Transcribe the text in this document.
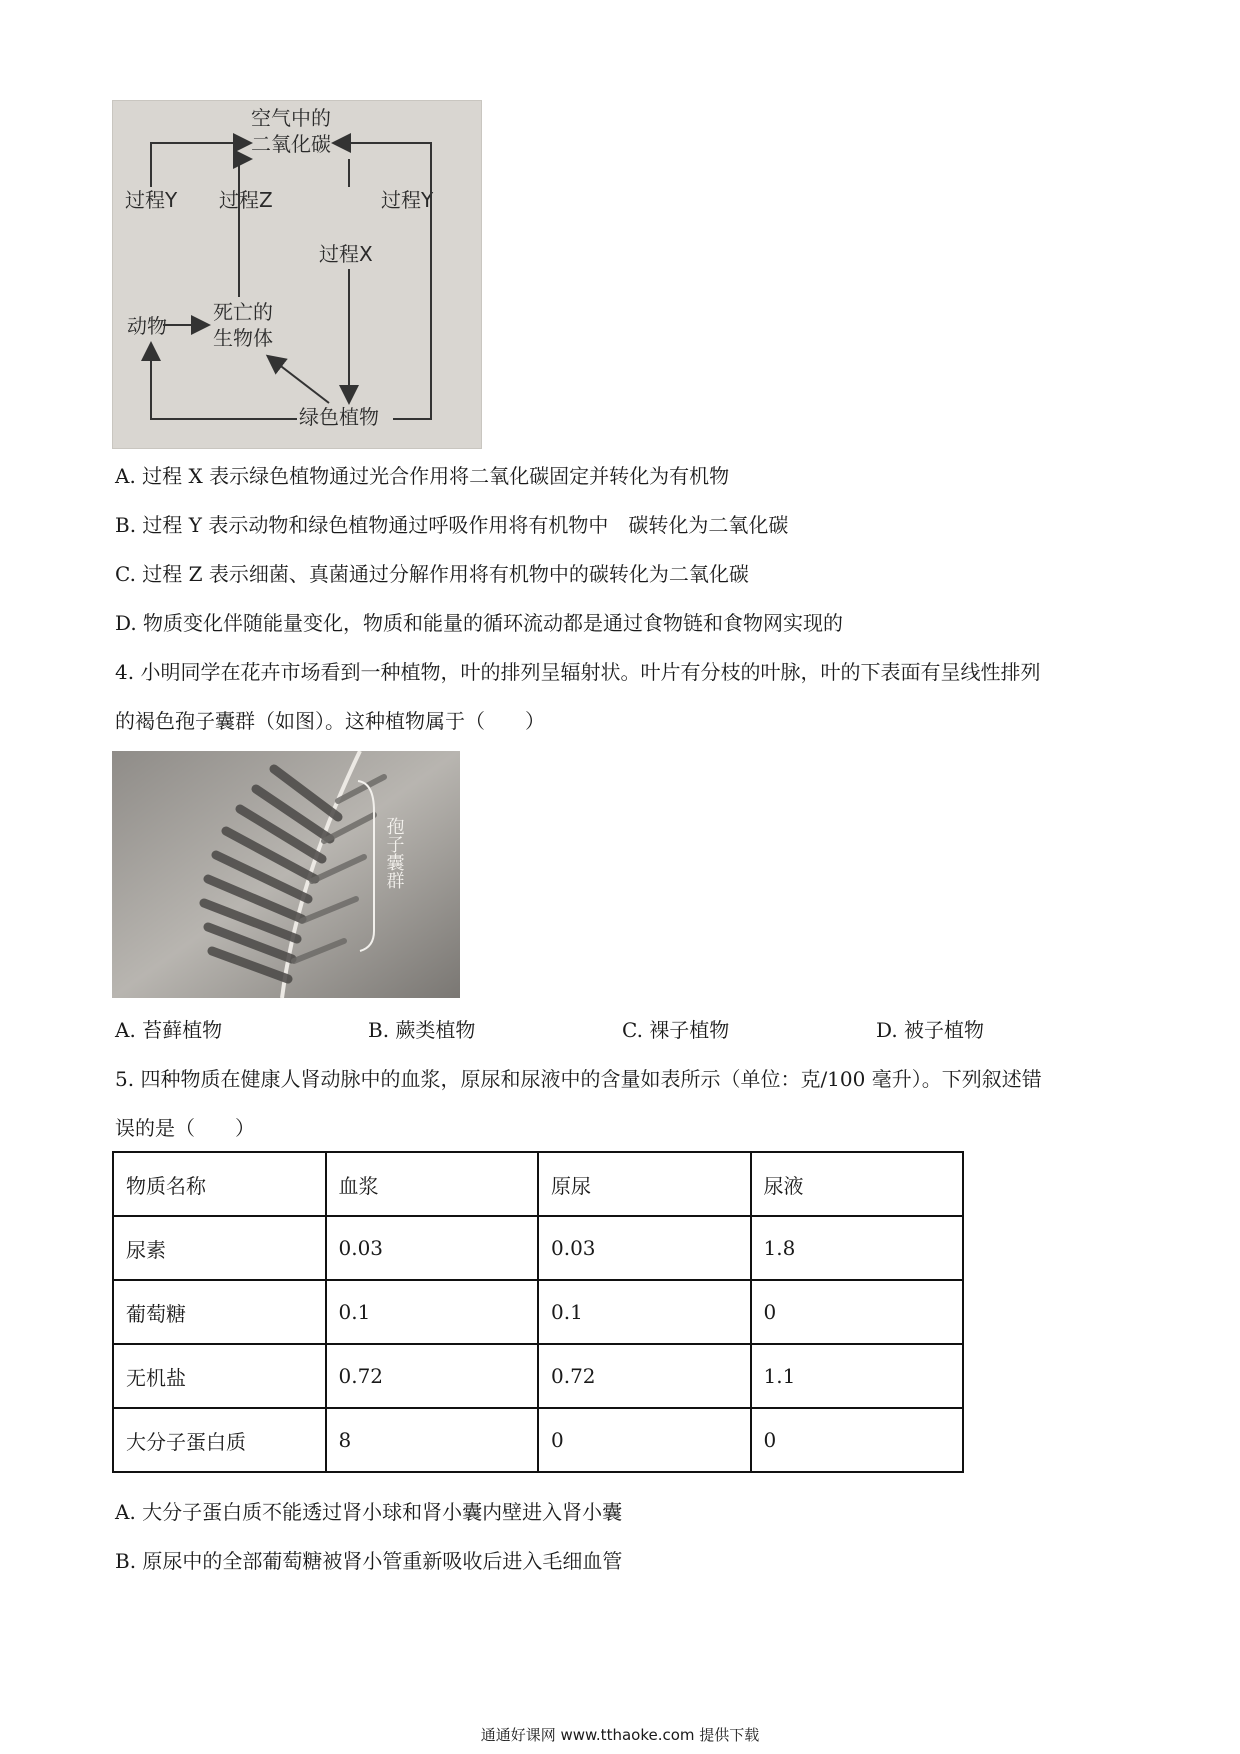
空气中的
二氧化碳
过程Y 过程Z	过程Y
过程X
动物
死亡的
生物体
绿色植物
A. 过程 X 表示绿色植物通过光合作用将二氧化碳固定并转化为有机物
B. 过程 Y 表示动物和绿色植物通过呼吸作用将有机物中　碳转化为二氧化碳
C. 过程 Z 表示细菌、真菌通过分解作用将有机物中的碳转化为二氧化碳
D. 物质变化伴随能量变化，物质和能量的循环流动都是通过食物链和食物网实现的
4. 小明同学在花卉市场看到一种植物，叶的排列呈辐射状。叶片有分枝的叶脉，叶的下表面有呈线性排列
的褐色孢子囊群（如图）。这种植物属于（　　）
孢子囊群
A. 苔藓植物	B. 蕨类植物	C. 裸子植物	D. 被子植物
5. 四种物质在健康人肾动脉中的血浆，原尿和尿液中的含量如表所示（单位：克/100 毫升）。下列叙述错
误的是（　　）
物质名称	血浆	原尿	尿液
尿素	0.03	0.03	1.8
葡萄糖	0.1	0.1	0
无机盐	0.72	0.72	1.1
大分子蛋白质	8	0	0
A. 大分子蛋白质不能透过肾小球和肾小囊内壁进入肾小囊
B. 原尿中的全部葡萄糖被肾小管重新吸收后进入毛细血管
通通好课网 www.tthaoke.com 提供下载
